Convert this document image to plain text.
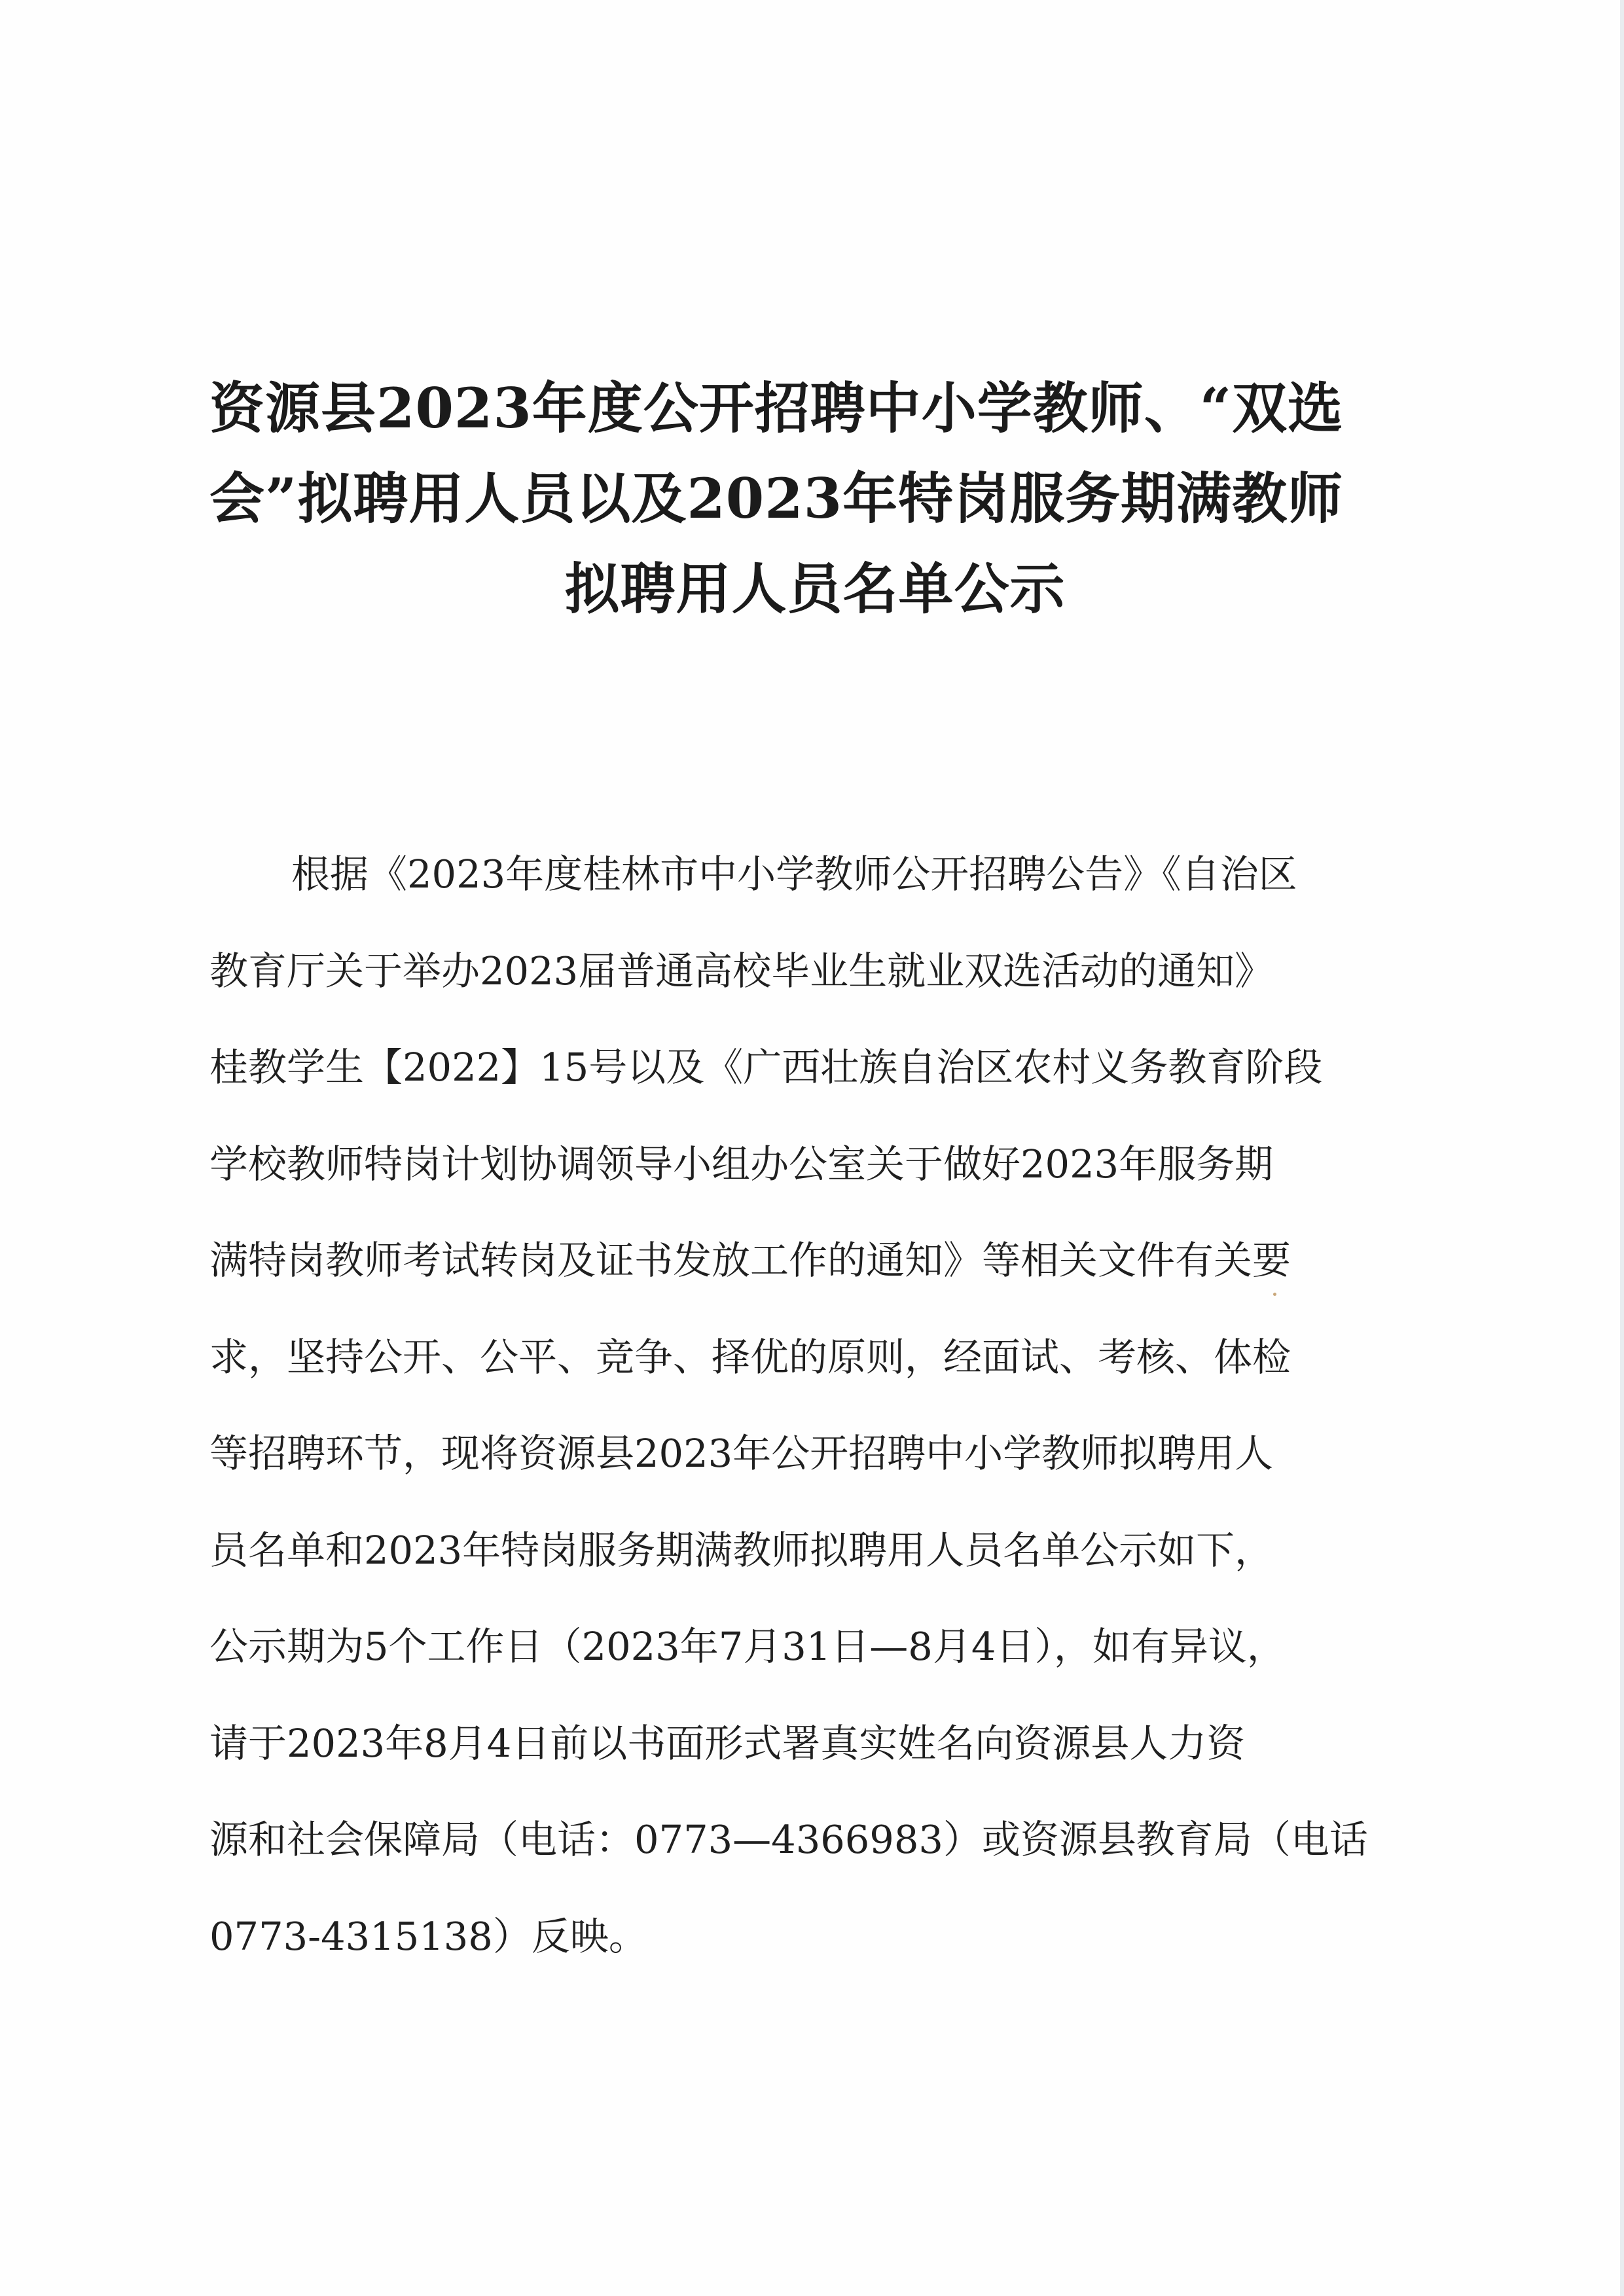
资源县2023年度公开招聘中小学教师、“双选
会”拟聘用人员以及2023年特岗服务期满教师
拟聘用人员名单公示
根据《2023年度桂林市中小学教师公开招聘公告》《自治区
教育厅关于举办2023届普通高校毕业生就业双选活动的通知》
桂教学生【2022】15号以及《广西壮族自治区农村义务教育阶段
学校教师特岗计划协调领导小组办公室关于做好2023年服务期
满特岗教师考试转岗及证书发放工作的通知》等相关文件有关要
求，坚持公开、公平、竞争、择优的原则，经面试、考核、体检
等招聘环节，现将资源县2023年公开招聘中小学教师拟聘用人
员名单和2023年特岗服务期满教师拟聘用人员名单公示如下，
公示期为5个工作日（2023年7月31日—8月4日），如有异议，
请于2023年8月4日前以书面形式署真实姓名向资源县人力资
源和社会保障局（电话：0773—4366983）或资源县教育局（电话
0773-4315138）反映。
